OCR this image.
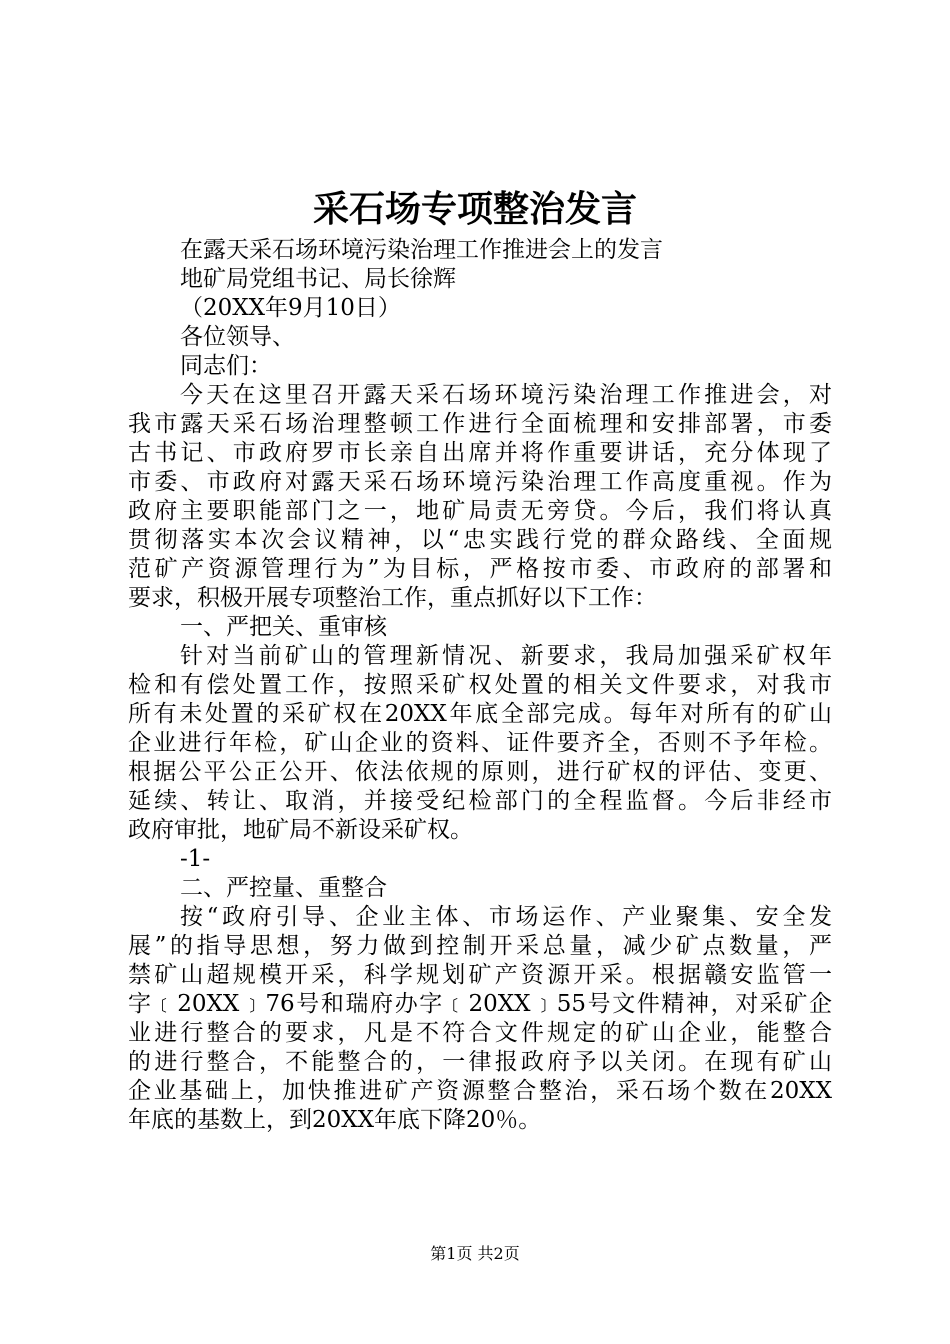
采石场专项整治发言
在露天采石场环境污染治理工作推进会上的发言
地矿局党组书记、局长徐辉
（20XX年9月10日）
各位领导、
同志们：
今天在这里召开露天采石场环境污染治理工作推进会，对
我市露天采石场治理整顿工作进行全面梳理和安排部署，市委
古书记、市政府罗市长亲自出席并将作重要讲话，充分体现了
市委、市政府对露天采石场环境污染治理工作高度重视。作为
政府主要职能部门之一，地矿局责无旁贷。今后，我们将认真
贯彻落实本次会议精神，以“忠实践行党的群众路线、全面规
范矿产资源管理行为”为目标，严格按市委、市政府的部署和
要求，积极开展专项整治工作，重点抓好以下工作：
一、严把关、重审核
针对当前矿山的管理新情况、新要求，我局加强采矿权年
检和有偿处置工作，按照采矿权处置的相关文件要求，对我市
所有未处置的采矿权在20XX年底全部完成。每年对所有的矿山
企业进行年检，矿山企业的资料、证件要齐全，否则不予年检。
根据公平公正公开、依法依规的原则，进行矿权的评估、变更、
延续、转让、取消，并接受纪检部门的全程监督。今后非经市
政府审批，地矿局不新设采矿权。
-1-
二、严控量、重整合
按“政府引导、企业主体、市场运作、产业聚集、安全发
展”的指导思想，努力做到控制开采总量，减少矿点数量，严
禁矿山超规模开采，科学规划矿产资源开采。根据赣安监管一
字﹝20XX﹞76号和瑞府办字﹝20XX﹞55号文件精神，对采矿企
业进行整合的要求，凡是不符合文件规定的矿山企业，能整合
的进行整合，不能整合的，一律报政府予以关闭。在现有矿山
企业基础上，加快推进矿产资源整合整治，采石场个数在20XX
年底的基数上，到20XX年底下降20％。
第1页 共2页
